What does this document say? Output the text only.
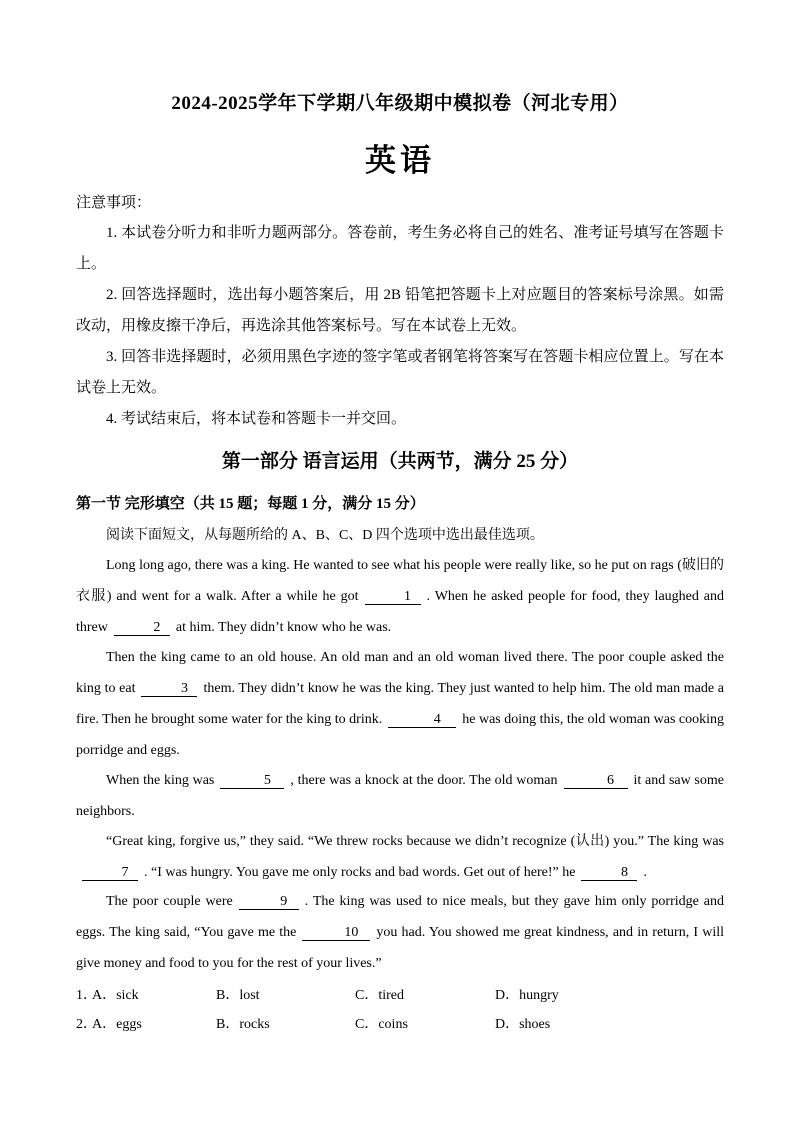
2024-2025学年下学期八年级期中模拟卷（河北专用）
英语
注意事项：
1. 本试卷分听力和非听力题两部分。答卷前，考生务必将自己的姓名、准考证号填写在答题卡上。
2. 回答选择题时，选出每小题答案后，用 2B 铅笔把答题卡上对应题目的答案标号涂黑。如需改动，用橡皮擦干净后，再选涂其他答案标号。写在本试卷上无效。
3. 回答非选择题时，必须用黑色字迹的签字笔或者钢笔将答案写在答题卡相应位置上。写在本试卷上无效。
4. 考试结束后，将本试卷和答题卡一并交回。
第一部分 语言运用（共两节，满分 25 分）
第一节 完形填空（共 15 题；每题 1 分，满分 15 分）
阅读下面短文，从每题所给的 A、B、C、D 四个选项中选出最佳选项。
Long long ago, there was a king. He wanted to see what his people were really like, so he put on rags (破旧的衣服) and went for a walk. After a while he got	1 . When he asked people for food, they laughed and threw	2 at him. They didn’t know who he was.
Then the king came to an old house. An old man and an old woman lived there. The poor couple asked the king to eat	3 them. They didn’t know he was the king. They just wanted to help him. The old man made a fire. Then he brought some water for the king to drink.	4 he was doing this, the old woman was cooking porridge and eggs.
When the king was	5 , there was a knock at the door. The old woman	6 it and saw some neighbors.
“Great king, forgive us,” they said. “We threw rocks because we didn’t recognize (认出) you.” The king was7 . “I was hungry. You gave me only rocks and bad words. Get out of here!” he	8 .
The poor couple were	9 . The king was used to nice meals, but they gave him only porridge and eggs. The king said, “You gave me the	10 you had. You showed me great kindness, and in return, I will give money and food to you for the rest of your lives.”
1．
A．sick	B．lost	C．tired	D．hungry
2．
A．eggs	B．rocks	C．coins	D．shoes
